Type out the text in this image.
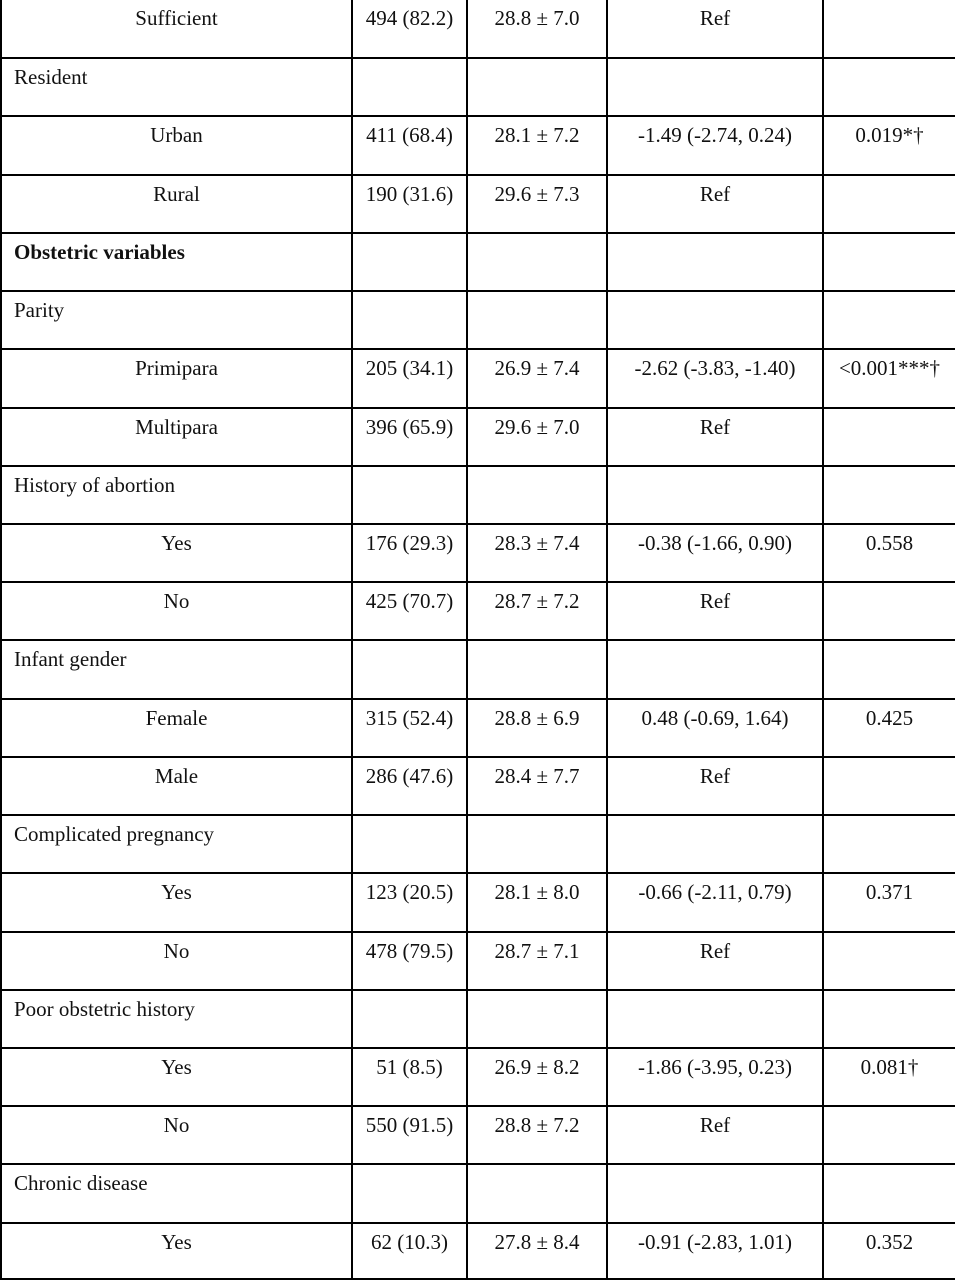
Sufficient	494 (82.2)	28.8 ± 7.0	Ref	

Resident				

Urban	411 (68.4)	28.1 ± 7.2	-1.49 (-2.74, 0.24)	0.019*†

Rural	190 (31.6)	29.6 ± 7.3	Ref	

Obstetric variables				

Parity				

Primipara	205 (34.1)	26.9 ± 7.4	-2.62 (-3.83, -1.40)	<0.001***†

Multipara	396 (65.9)	29.6 ± 7.0	Ref	

History of abortion				

Yes	176 (29.3)	28.3 ± 7.4	-0.38 (-1.66, 0.90)	0.558

No	425 (70.7)	28.7 ± 7.2	Ref	

Infant gender				

Female	315 (52.4)	28.8 ± 6.9	0.48 (-0.69, 1.64)	0.425

Male	286 (47.6)	28.4 ± 7.7	Ref	

Complicated pregnancy				

Yes	123 (20.5)	28.1 ± 8.0	-0.66 (-2.11, 0.79)	0.371

No	478 (79.5)	28.7 ± 7.1	Ref	

Poor obstetric history				

Yes	51 (8.5)	26.9 ± 8.2	-1.86 (-3.95, 0.23)	0.081†

No	550 (91.5)	28.8 ± 7.2	Ref	

Chronic disease				

Yes	62 (10.3)	27.8 ± 8.4	-0.91 (-2.83, 1.01)	0.352
